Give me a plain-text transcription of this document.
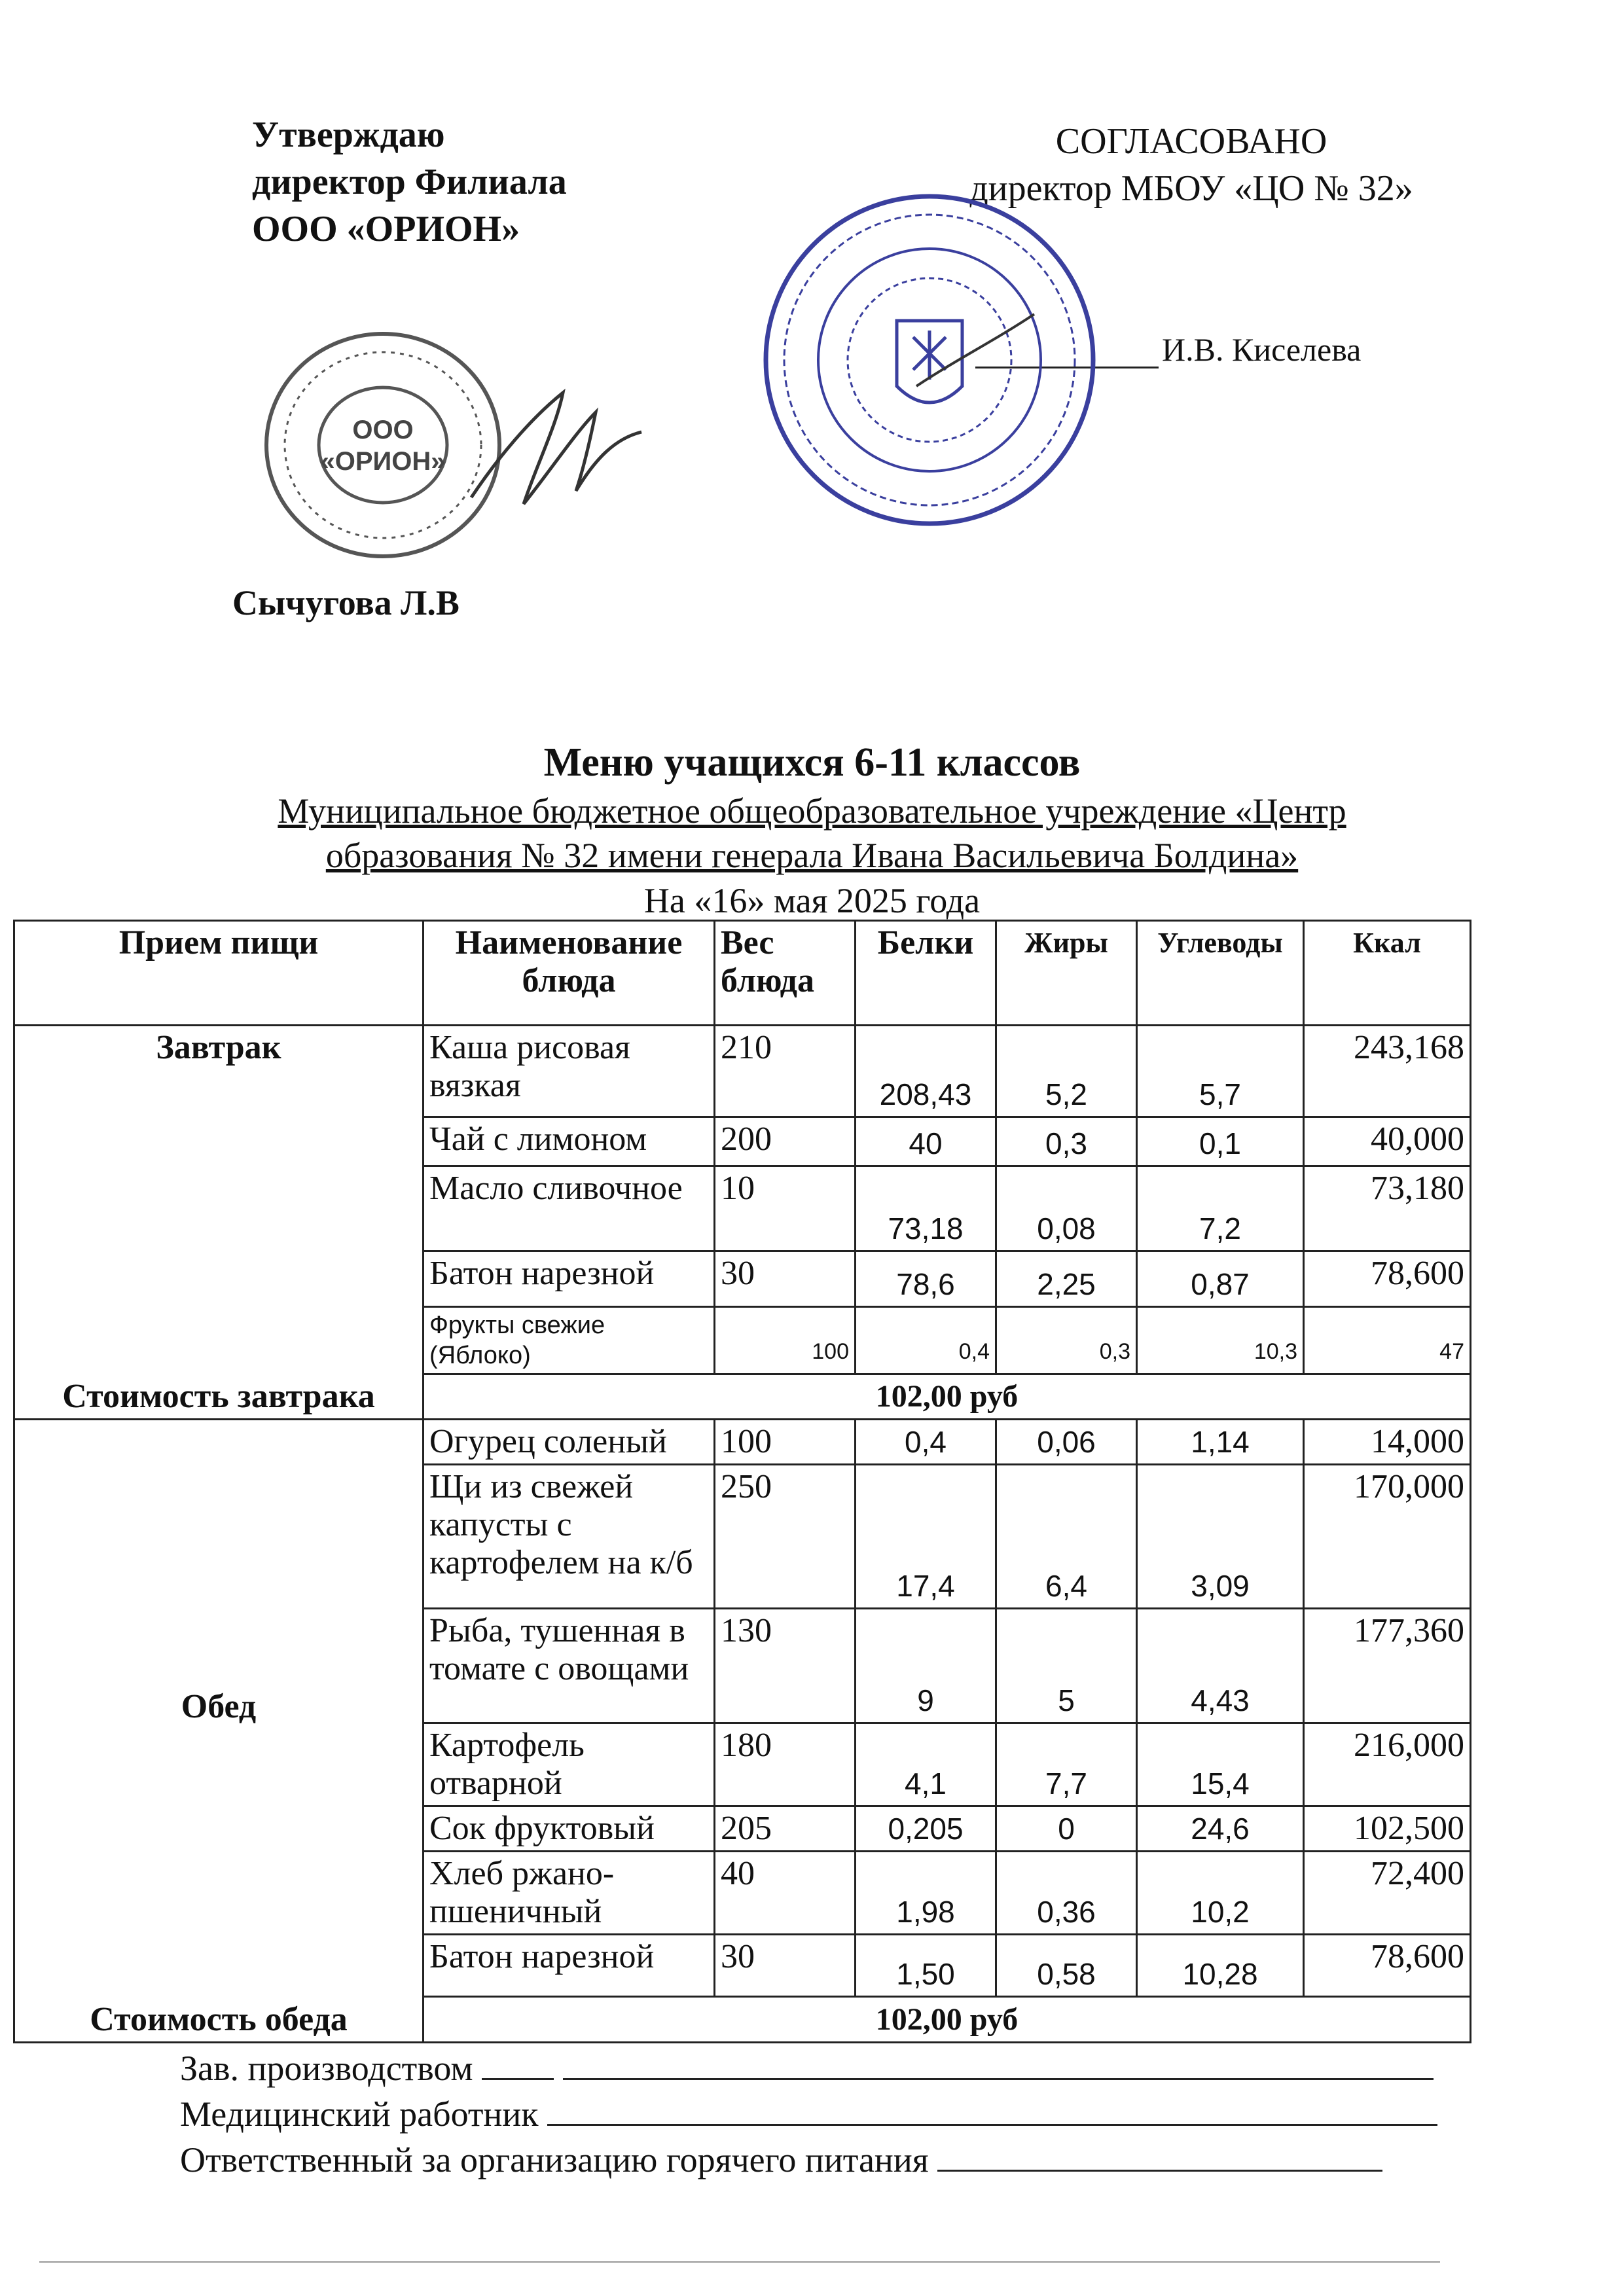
Утверждаю
директор Филиала
ООО «ОРИОН»
СОГЛАСОВАНО
директор МБОУ «ЦО № 32»
И.В. Киселева
ООО
«ОРИОН»
Сычугова Л.В
Меню учащихся 6-11 классов
Муниципальное бюджетное общеобразовательное учреждение «Центр
образования № 32 имени генерала Ивана Васильевича Болдина»
На «16» мая 2025 года
Прием пищи	Наименование блюда	Вес блюда	Белки	Жиры	Углеводы	Ккал
Завтрак	Каша рисовая вязкая	210	208,43	5,2	5,7	243,168
	Чай с лимоном	200	40	0,3	0,1	40,000
	Масло сливочное	10	73,18	0,08	7,2	73,180
	Батон нарезной	30	78,6	2,25	0,87	78,600
	Фрукты свежие (Яблоко)	100	0,4	0,3	10,3	47
Стоимость завтрака	102,00 руб					
Обед	Огурец соленый	100	0,4	0,06	1,14	14,000
	Щи из свежей капусты с картофелем на к/б	250	17,4	6,4	3,09	170,000
	Рыба, тушенная в томате с овощами	130	9	5	4,43	177,360
	Картофель отварной	180	4,1	7,7	15,4	216,000
	Сок фруктовый	205	0,205	0	24,6	102,500
	Хлеб ржано-пшеничный	40	1,98	0,36	10,2	72,400
	Батон нарезной	30	1,50	0,58	10,28	78,600
Стоимость обеда	102,00 руб					
Зав. производством
Медицинский работник
Ответственный за организацию горячего питания
